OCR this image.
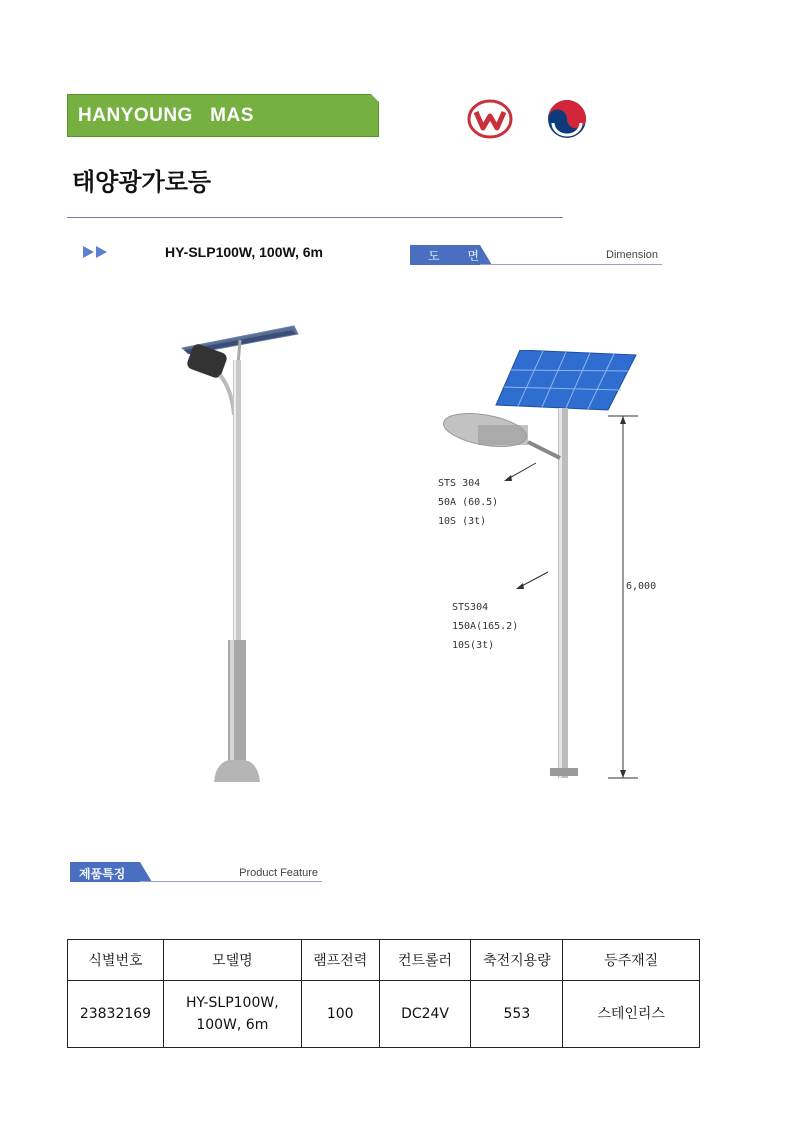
HANYOUNG   MAS
태양광가로등
HY-SLP100W, 100W, 6m	도 면	Dimension
STS 304
50A (60.5)
10S (3t)
STS304
150A(165.2)
10S(3t)
6,000
제품특징	Product Feature
식별번호	모델명	램프전력	컨트롤러	축전지용량	등주재질
23832169	HY-SLP100W,
100W, 6m	100	DC24V	553	스테인리스
